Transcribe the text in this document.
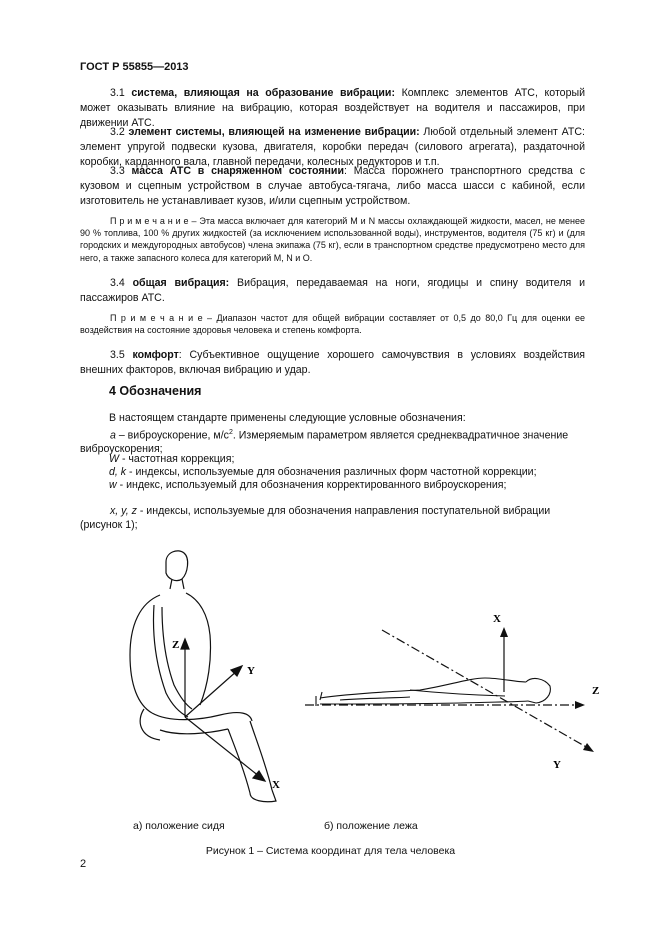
ГОСТ Р 55855—2013

3.1 система, влияющая на образование вибрации: Комплекс элементов АТС, который может оказывать влияние на вибрацию, которая воздействует на водителя и пассажиров, при движении АТС.

3.2 элемент системы, влияющей на изменение вибрации: Любой отдельный элемент АТС: элемент упругой подвески кузова, двигателя, коробки передач (силового агрегата), раздаточной коробки, карданного вала, главной передачи, колесных редукторов и т.п.

3.3 масса АТС в снаряженном состоянии: Масса порожнего транспортного средства с кузовом и сцепным устройством в случае автобуса-тягача, либо масса шасси с кабиной, если изготовитель не устанавливает кузов, и/или сцепным устройством.

П р и м е ч а н и е – Эта масса включает для категорий M и N массы охлаждающей жидкости, масел, не менее 90 % топлива, 100 % других жидкостей (за исключением использованной воды), инструментов, водителя (75 кг) и (для городских и междугородных автобусов) члена экипажа (75 кг), если в транспортном средстве предусмотрено место для него, а также запасного колеса для категорий M, N и O.

3.4 общая вибрация: Вибрация, передаваемая на ноги, ягодицы и спину водителя и пассажиров АТС.

П р и м е ч а н и е – Диапазон частот для общей вибрации составляет от 0,5 до 80,0 Гц для оценки ее воздействия на состояние здоровья человека и степень комфорта.

3.5 комфорт: Субъективное ощущение хорошего самочувствия в условиях воздействия внешних факторов, включая вибрацию и удар.

4 Обозначения

В настоящем стандарте применены следующие условные обозначения:

a – виброускорение, $м/с^2$. Измеряемым параметром является среднеквадратичное значение виброускорения;

W - частотная коррекция;

d, k - индексы, используемые для обозначения различных форм частотной коррекции;

w - индекс, используемый для обозначения корректированного виброускорения;

x, y, z - индексы, используемые для обозначения направления поступательной вибрации (рисунок 1);

Z
Y
X
X
Z
Y
а) положение сидя	б) положение лежа
Рисунок 1 – Система координат для тела человека
2
